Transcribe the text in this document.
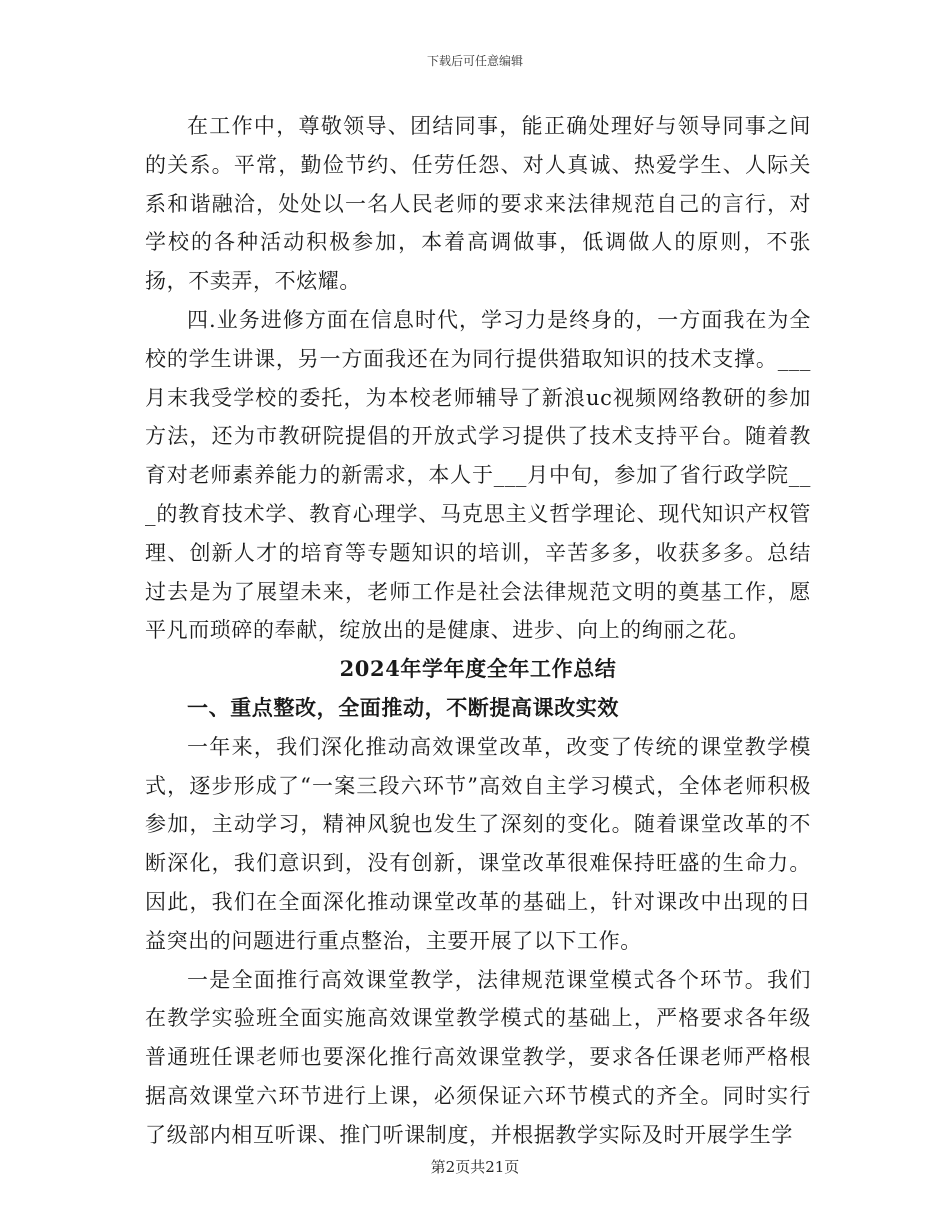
下载后可任意编辑

在工作中，尊敬领导、团结同事，能正确处理好与领导同事之间的关系。平常，勤俭节约、任劳任怨、对人真诚、热爱学生、人际关系和谐融洽，处处以一名人民老师的要求来法律规范自己的言行，对学校的各种活动积极参加，本着高调做事，低调做人的原则，不张扬，不卖弄，不炫耀。

四.业务进修方面在信息时代，学习力是终身的，一方面我在为全校的学生讲课，另一方面我还在为同行提供猎取知识的技术支撑。___月末我受学校的委托，为本校老师辅导了新浪uc视频网络教研的参加方法，还为市教研院提倡的开放式学习提供了技术支持平台。随着教育对老师素养能力的新需求，本人于___月中旬，参加了省行政学院___的教育技术学、教育心理学、马克思主义哲学理论、现代知识产权管理、创新人才的培育等专题知识的培训，辛苦多多，收获多多。总结过去是为了展望未来，老师工作是社会法律规范文明的奠基工作，愿平凡而琐碎的奉献，绽放出的是健康、进步、向上的绚丽之花。

2024年学年度全年工作总结

一、重点整改，全面推动，不断提高课改实效

一年来，我们深化推动高效课堂改革，改变了传统的课堂教学模式，逐步形成了“一案三段六环节”高效自主学习模式，全体老师积极参加，主动学习，精神风貌也发生了深刻的变化。随着课堂改革的不断深化，我们意识到，没有创新，课堂改革很难保持旺盛的生命力。因此，我们在全面深化推动课堂改革的基础上，针对课改中出现的日益突出的问题进行重点整治，主要开展了以下工作。

一是全面推行高效课堂教学，法律规范课堂模式各个环节。我们在教学实验班全面实施高效课堂教学模式的基础上，严格要求各年级普通班任课老师也要深化推行高效课堂教学，要求各任课老师严格根据高效课堂六环节进行上课，必须保证六环节模式的齐全。同时实行了级部内相互听课、推门听课制度，并根据教学实际及时开展学生学

第2页共21页
